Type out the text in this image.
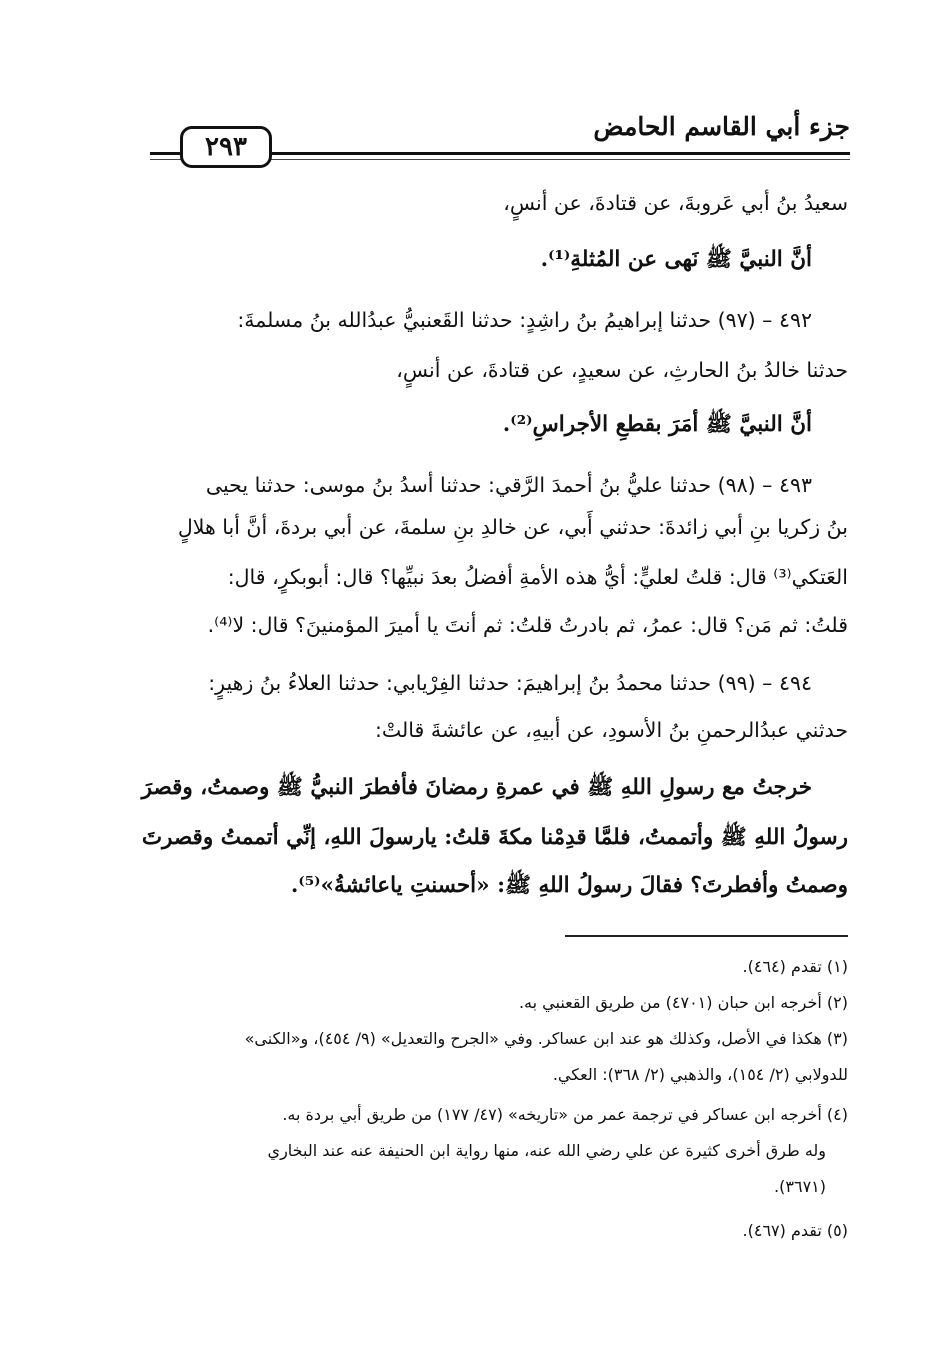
جزء أبي القاسم الحامض
٢٩٣
سعيدُ بنُ أبي عَروبةَ، عن قتادةَ، عن أنسٍ،
أنَّ النبيَّ ﷺ نَهى عن المُثلةِ⁽¹⁾.
٤٩٢ – (٩٧) حدثنا إبراهيمُ بنُ راشِدٍ: حدثنا القَعنبيُّ عبدُالله بنُ مسلمةَ:
حدثنا خالدُ بنُ الحارثِ، عن سعيدٍ، عن قتادةَ، عن أنسٍ،
أنَّ النبيَّ ﷺ أمَرَ بقطعِ الأجراسِ⁽²⁾.
٤٩٣ – (٩٨) حدثنا عليُّ بنُ أحمدَ الرَّقي: حدثنا أسدُ بنُ موسى: حدثنا يحيى
بنُ زكريا بنِ أبي زائدةَ: حدثني أَبي، عن خالدِ بنِ سلمةَ، عن أبي بردةَ، أنَّ أبا هلالٍ
العَتكي⁽³⁾ قال: قلتُ لعليٍّ: أيُّ هذه الأمةِ أفضلُ بعدَ نبيِّها؟ قال: أبوبكرٍ، قال:
قلتُ: ثم مَن؟ قال: عمرُ، ثم بادرتُ قلتُ: ثم أنتَ يا أميرَ المؤمنينَ؟ قال: لا⁽⁴⁾.
٤٩٤ – (٩٩) حدثنا محمدُ بنُ إبراهيمَ: حدثنا الفِرْيابي: حدثنا العلاءُ بنُ زهيرٍ:
حدثني عبدُالرحمنِ بنُ الأسودِ، عن أبيهِ، عن عائشةَ قالتْ:
خرجتُ مع رسولِ اللهِ ﷺ في عمرةِ رمضانَ فأفطرَ النبيُّ ﷺ وصمتُ، وقصرَ
رسولُ اللهِ ﷺ وأتممتُ، فلمَّا قدِمْنا مكةَ قلتُ: يارسولَ اللهِ، إنِّي أتممتُ وقصرتَ
وصمتُ وأفطرتَ؟ فقالَ رسولُ اللهِ ﷺ: «أحسنتِ ياعائشةُ»⁽⁵⁾.
(١) تقدم (٤٦٤).
(٢) أخرجه ابن حبان (٤٧٠١) من طريق القعنبي به.
(٣) هكذا في الأصل، وكذلك هو عند ابن عساكر. وفي «الجرح والتعديل» (٩/ ٤٥٤)، و«الكنى»
للدولابي (٢/ ١٥٤)، والذهبي (٢/ ٣٦٨): العكي.
(٤) أخرجه ابن عساكر في ترجمة عمر من «تاريخه» (٤٧/ ١٧٧) من طريق أبي بردة به.
وله طرق أخرى كثيرة عن علي رضي الله عنه، منها رواية ابن الحنيفة عنه عند البخاري
(٣٦٧١).
(٥) تقدم (٤٦٧).
